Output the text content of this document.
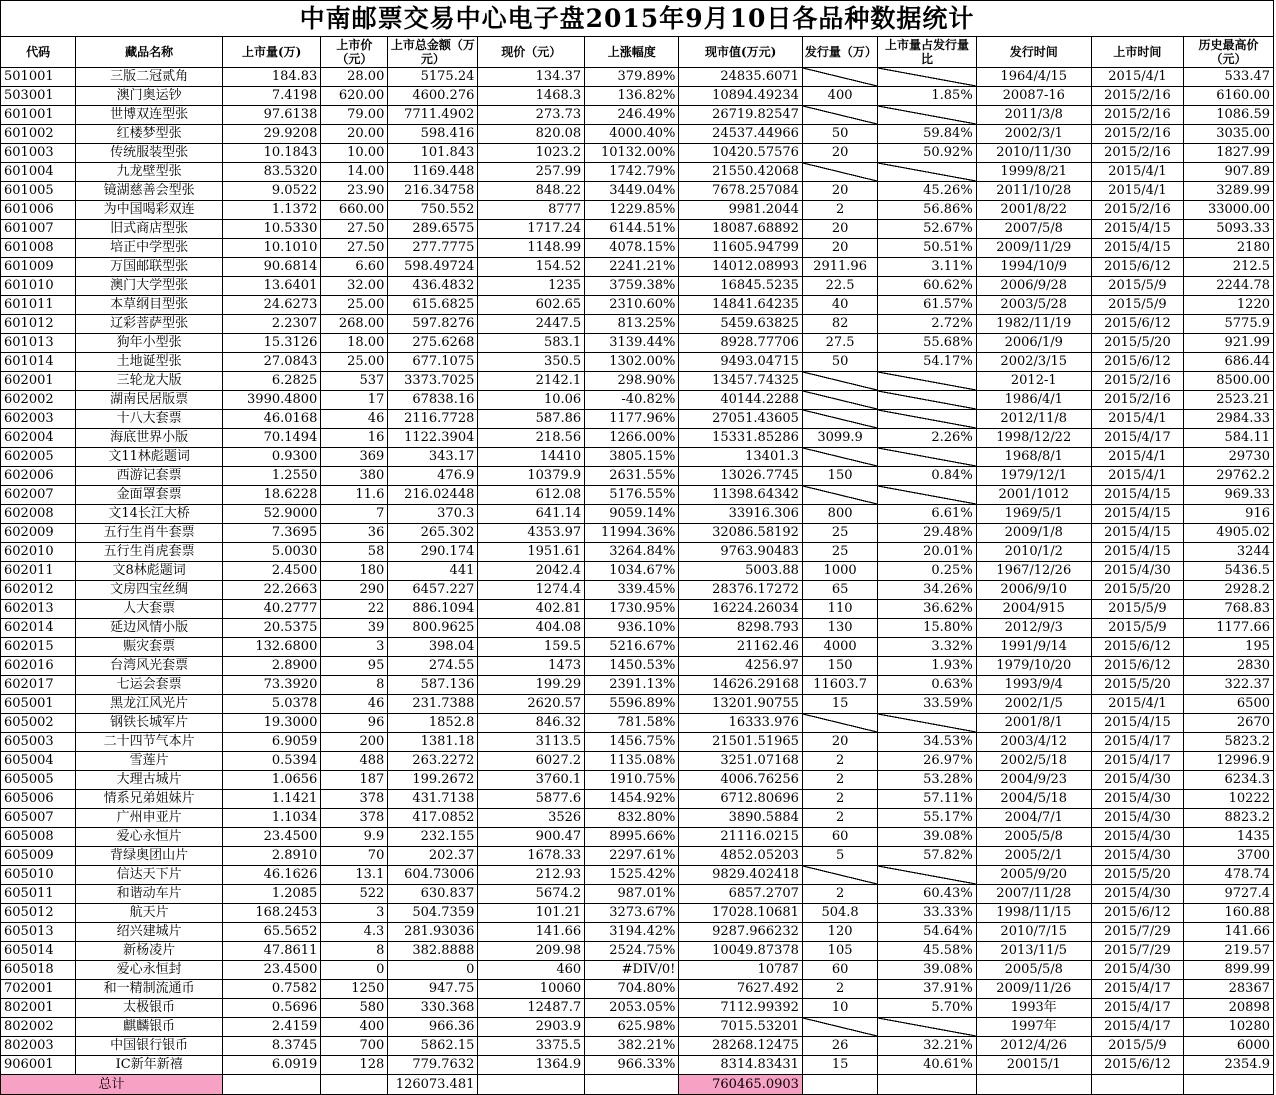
中南邮票交易中心电子盘2015年9月10日各品种数据统计
代码	藏品名称	上市量(万)	上市价（元）	上市总金额（万元）	现价（元）	上涨幅度	现市值(万元)	发行量（万）	上市量占发行量比	发行时间	上市时间	历史最高价（元）
501001	三版二冠贰角	184.83	28.00	5175.24	134.37	379.89%	24835.6071			1964/4/15	2015/4/1	533.47
503001	澳门奥运钞	7.4198	620.00	4600.276	1468.3	136.82%	10894.49234	400	1.85%	20087-16	2015/2/16	6160.00
601001	世博双连型张	97.6138	79.00	7711.4902	273.73	246.49%	26719.82547			2011/3/8	2015/2/16	1086.59
601002	红楼梦型张	29.9208	20.00	598.416	820.08	4000.40%	24537.44966	50	59.84%	2002/3/1	2015/2/16	3035.00
601003	传统服装型张	10.1843	10.00	101.843	1023.2	10132.00%	10420.57576	20	50.92%	2010/11/30	2015/2/16	1827.99
601004	九龙壁型张	83.5320	14.00	1169.448	257.99	1742.79%	21550.42068			1999/8/21	2015/4/1	907.89
601005	镜湖慈善会型张	9.0522	23.90	216.34758	848.22	3449.04%	7678.257084	20	45.26%	2011/10/28	2015/4/1	3289.99
601006	为中国喝彩双连	1.1372	660.00	750.552	8777	1229.85%	9981.2044	2	56.86%	2001/8/22	2015/2/16	33000.00
601007	旧式商店型张	10.5330	27.50	289.6575	1717.24	6144.51%	18087.68892	20	52.67%	2007/5/8	2015/4/15	5093.33
601008	培正中学型张	10.1010	27.50	277.7775	1148.99	4078.15%	11605.94799	20	50.51%	2009/11/29	2015/4/15	2180
601009	万国邮联型张	90.6814	6.60	598.49724	154.52	2241.21%	14012.08993	2911.96	3.11%	1994/10/9	2015/6/12	212.5
601010	澳门大学型张	13.6401	32.00	436.4832	1235	3759.38%	16845.5235	22.5	60.62%	2006/9/28	2015/5/9	2244.78
601011	本草纲目型张	24.6273	25.00	615.6825	602.65	2310.60%	14841.64235	40	61.57%	2003/5/28	2015/5/9	1220
601012	辽彩菩萨型张	2.2307	268.00	597.8276	2447.5	813.25%	5459.63825	82	2.72%	1982/11/19	2015/6/12	5775.9
601013	狗年小型张	15.3126	18.00	275.6268	583.1	3139.44%	8928.77706	27.5	55.68%	2006/1/9	2015/5/20	921.99
601014	土地诞型张	27.0843	25.00	677.1075	350.5	1302.00%	9493.04715	50	54.17%	2002/3/15	2015/6/12	686.44
602001	三轮龙大版	6.2825	537	3373.7025	2142.1	298.90%	13457.74325			2012-1	2015/2/16	8500.00
602002	湖南民居版票	3990.4800	17	67838.16	10.06	-40.82%	40144.2288			1986/4/1	2015/2/16	2523.21
602003	十八大套票	46.0168	46	2116.7728	587.86	1177.96%	27051.43605			2012/11/8	2015/4/1	2984.33
602004	海底世界小版	70.1494	16	1122.3904	218.56	1266.00%	15331.85286	3099.9	2.26%	1998/12/22	2015/4/17	584.11
602005	文11林彪题词	0.9300	369	343.17	14410	3805.15%	13401.3			1968/8/1	2015/4/1	29730
602006	西游记套票	1.2550	380	476.9	10379.9	2631.55%	13026.7745	150	0.84%	1979/12/1	2015/4/1	29762.2
602007	金面罩套票	18.6228	11.6	216.02448	612.08	5176.55%	11398.64342			2001/1012	2015/4/15	969.33
602008	文14长江大桥	52.9000	7	370.3	641.14	9059.14%	33916.306	800	6.61%	1969/5/1	2015/4/15	916
602009	五行生肖牛套票	7.3695	36	265.302	4353.97	11994.36%	32086.58192	25	29.48%	2009/1/8	2015/4/15	4905.02
602010	五行生肖虎套票	5.0030	58	290.174	1951.61	3264.84%	9763.90483	25	20.01%	2010/1/2	2015/4/15	3244
602011	文8林彪题词	2.4500	180	441	2042.4	1034.67%	5003.88	1000	0.25%	1967/12/26	2015/4/30	5436.5
602012	文房四宝丝绸	22.2663	290	6457.227	1274.4	339.45%	28376.17272	65	34.26%	2006/9/10	2015/5/20	2928.2
602013	人大套票	40.2777	22	886.1094	402.81	1730.95%	16224.26034	110	36.62%	2004/915	2015/5/9	768.83
602014	延边风情小版	20.5375	39	800.9625	404.08	936.10%	8298.793	130	15.80%	2012/9/3	2015/5/9	1177.66
602015	赈灾套票	132.6800	3	398.04	159.5	5216.67%	21162.46	4000	3.32%	1991/9/14	2015/6/12	195
602016	台湾风光套票	2.8900	95	274.55	1473	1450.53%	4256.97	150	1.93%	1979/10/20	2015/6/12	2830
602017	七运会套票	73.3920	8	587.136	199.29	2391.13%	14626.29168	11603.7	0.63%	1993/9/4	2015/5/20	322.37
605001	黑龙江风光片	5.0378	46	231.7388	2620.57	5596.89%	13201.90755	15	33.59%	2002/1/5	2015/4/1	6500
605002	钢铁长城军片	19.3000	96	1852.8	846.32	781.58%	16333.976			2001/8/1	2015/4/15	2670
605003	二十四节气本片	6.9059	200	1381.18	3113.5	1456.75%	21501.51965	20	34.53%	2003/4/12	2015/4/17	5823.2
605004	雪莲片	0.5394	488	263.2272	6027.2	1135.08%	3251.07168	2	26.97%	2002/5/18	2015/4/17	12996.9
605005	大理古城片	1.0656	187	199.2672	3760.1	1910.75%	4006.76256	2	53.28%	2004/9/23	2015/4/30	6234.3
605006	情系兄弟姐妹片	1.1421	378	431.7138	5877.6	1454.92%	6712.80696	2	57.11%	2004/5/18	2015/4/30	10222
605007	广州申亚片	1.1034	378	417.0852	3526	832.80%	3890.5884	2	55.17%	2004/7/1	2015/4/30	8823.2
605008	爱心永恒片	23.4500	9.9	232.155	900.47	8995.66%	21116.0215	60	39.08%	2005/5/8	2015/4/30	1435
605009	背绿奥团山片	2.8910	70	202.37	1678.33	2297.61%	4852.05203	5	57.82%	2005/2/1	2015/4/30	3700
605010	信达天下片	46.1626	13.1	604.73006	212.93	1525.42%	9829.402418			2005/9/20	2015/5/20	478.74
605011	和谐动车片	1.2085	522	630.837	5674.2	987.01%	6857.2707	2	60.43%	2007/11/28	2015/4/30	9727.4
605012	航天片	168.2453	3	504.7359	101.21	3273.67%	17028.10681	504.8	33.33%	1998/11/15	2015/6/12	160.88
605013	绍兴建城片	65.5652	4.3	281.93036	141.66	3194.42%	9287.966232	120	54.64%	2010/7/15	2015/7/29	141.66
605014	新杨凌片	47.8611	8	382.8888	209.98	2524.75%	10049.87378	105	45.58%	2013/11/5	2015/7/29	219.57
605018	爱心永恒封	23.4500	0	0	460	#DIV/0!	10787	60	39.08%	2005/5/8	2015/4/30	899.99
702001	和一精制流通币	0.7582	1250	947.75	10060	704.80%	7627.492	2	37.91%	2009/11/26	2015/4/17	28367
802001	太极银币	0.5696	580	330.368	12487.7	2053.05%	7112.99392	10	5.70%	1993年	2015/4/17	20898
802002	麒麟银币	2.4159	400	966.36	2903.9	625.98%	7015.53201			1997年	2015/4/17	10280
802003	中国银行银币	8.3745	700	5862.15	3375.5	382.21%	28268.12475	26	32.21%	2012/4/26	2015/5/9	6000
906001	IC新年新禧	6.0919	128	779.7632	1364.9	966.33%	8314.83431	15	40.61%	20015/1	2015/6/12	2354.9
总计				126073.481			760465.0903					
